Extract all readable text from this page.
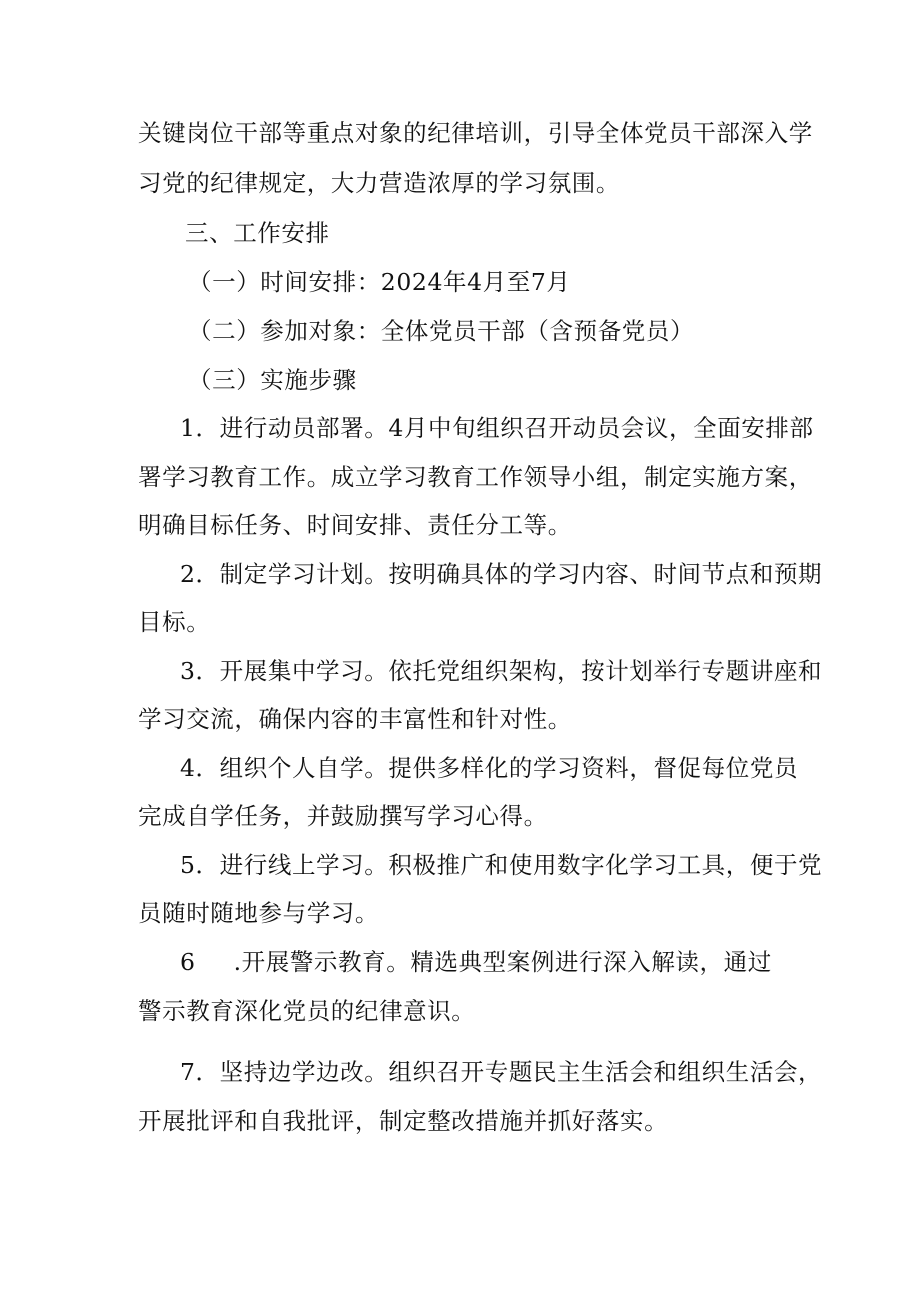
关键岗位干部等重点对象的纪律培训，引导全体党员干部深入学
习党的纪律规定，大力营造浓厚的学习氛围。
三、工作安排
（一）时间安排：2024年4月至7月
（二）参加对象：全体党员干部（含预备党员）
（三）实施步骤
1．进行动员部署。4月中旬组织召开动员会议，全面安排部
署学习教育工作。成立学习教育工作领导小组，制定实施方案，
明确目标任务、时间安排、责任分工等。
2．制定学习计划。按明确具体的学习内容、时间节点和预期
目标。
3．开展集中学习。依托党组织架构，按计划举行专题讲座和
学习交流，确保内容的丰富性和针对性。
4．组织个人自学。提供多样化的学习资料，督促每位党员
完成自学任务，并鼓励撰写学习心得。
5．进行线上学习。积极推广和使用数字化学习工具，便于党
员随时随地参与学习。
6 .开展警示教育。精选典型案例进行深入解读，通过
警示教育深化党员的纪律意识。
7．坚持边学边改。组织召开专题民主生活会和组织生活会，
开展批评和自我批评，制定整改措施并抓好落实。
